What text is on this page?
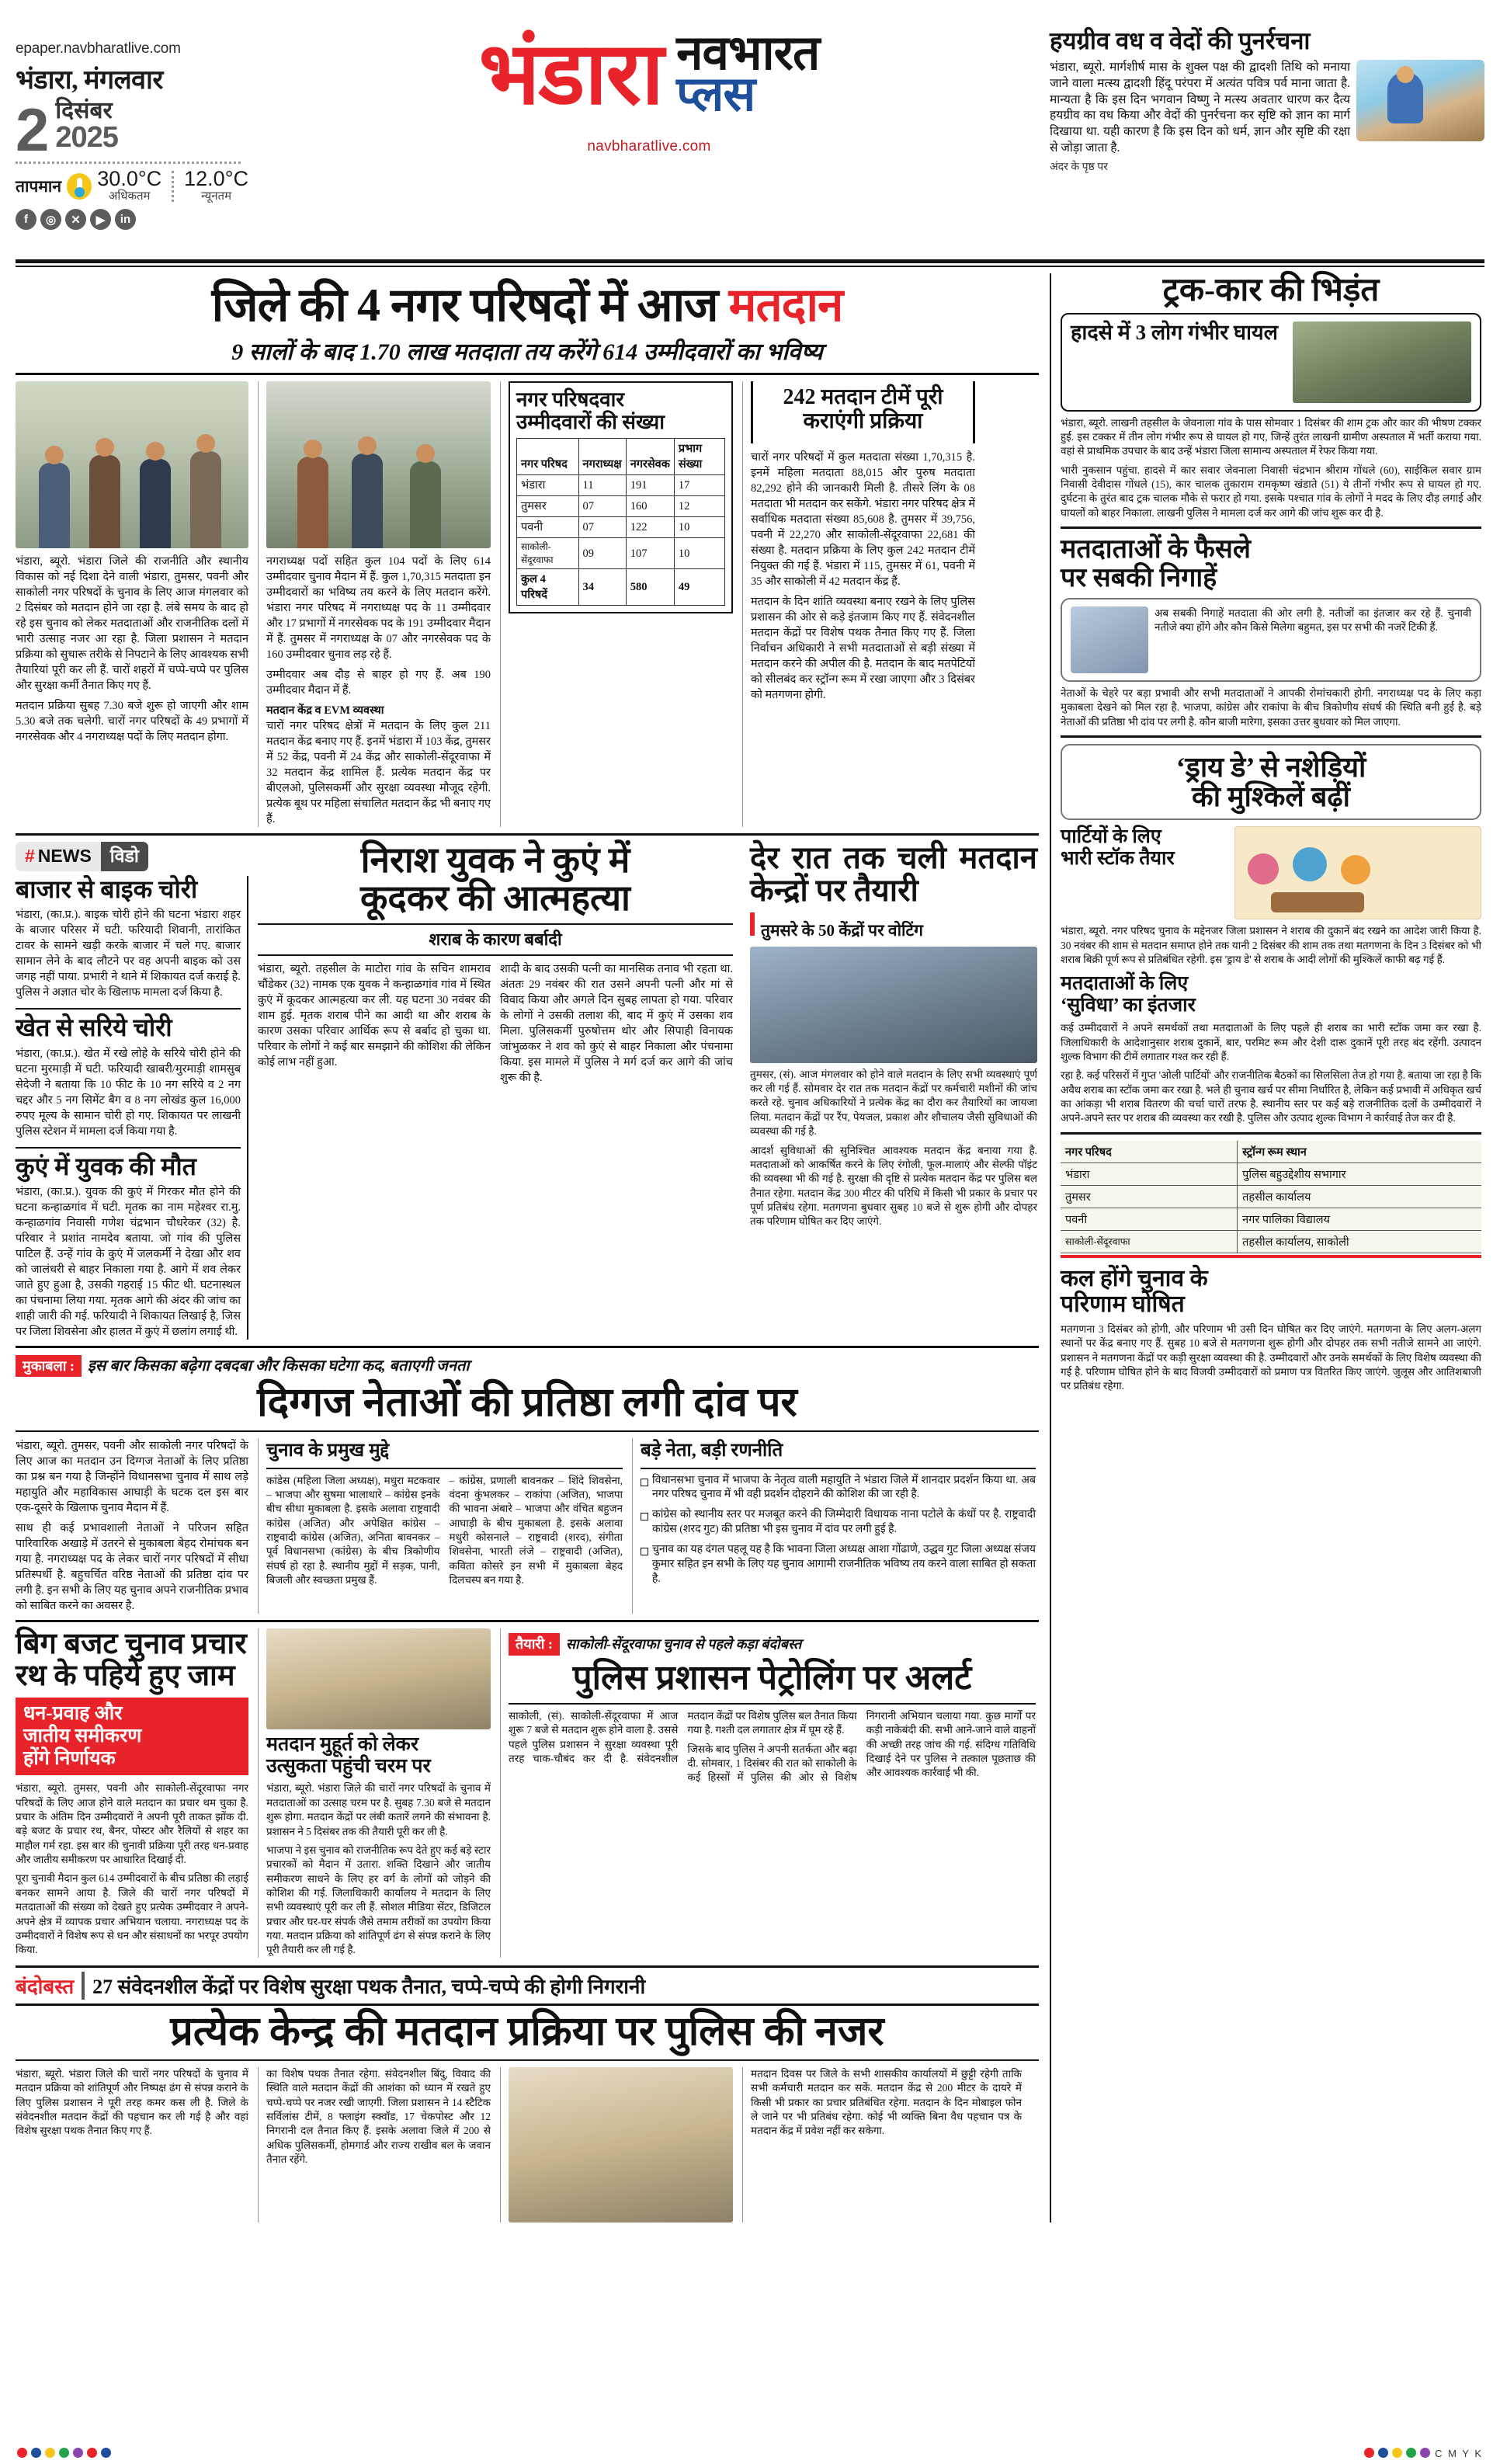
epaper.navbharatlive.com
भंडारा, मंगलवार
2 दिसंबर
2025
तापमान 30.0°C
अधिकतम
12.0°C
न्यूनतम
f	◎	✕	▶	in
भंडारा नवभारत
प्लस
navbharatlive.com
हयग्रीव वध व वेदों की पुनर्रचना
भंडारा, ब्यूरो. मार्गशीर्ष मास के शुक्ल पक्ष की द्वादशी तिथि को मनाया जाने वाला मत्स्य द्वादशी हिंदू परंपरा में अत्यंत पवित्र पर्व माना जाता है. मान्यता है कि इस दिन भगवान विष्णु ने मत्स्य अवतार धारण कर दैत्य हयग्रीव का वध किया और वेदों की पुनर्रचना कर सृष्टि को ज्ञान का मार्ग दिखाया था. यही कारण है कि इस दिन को धर्म, ज्ञान और सृष्टि की रक्षा से जोड़ा जाता है.
अंदर के पृष्ठ पर
जिले की 4 नगर परिषदों में आज मतदान
9 सालों के बाद 1.70 लाख मतदाता तय करेंगे 614 उम्मीदवारों का भविष्य
भंडारा, ब्यूरो. भंडारा जिले की राजनीति और स्थानीय विकास को नई दिशा देने वाली भंडारा, तुमसर, पवनी और साकोली नगर परिषदों के चुनाव के लिए आज मंगलवार को 2 दिसंबर को मतदान होने जा रहा है. लंबे समय के बाद हो रहे इस चुनाव को लेकर मतदाताओं और राजनीतिक दलों में भारी उत्साह नजर आ रहा है. जिला प्रशासन ने मतदान प्रक्रिया को सुचारू तरीके से निपटाने के लिए आवश्यक सभी तैयारियां पूरी कर ली हैं. चारों शहरों में चप्पे-चप्पे पर पुलिस और सुरक्षा कर्मी तैनात किए गए हैं.
मतदान प्रक्रिया सुबह 7.30 बजे शुरू हो जाएगी और शाम 5.30 बजे तक चलेगी. चारों नगर परिषदों के 49 प्रभागों में नगरसेवक और 4 नगराध्यक्ष पदों के लिए मतदान होगा.
नगराध्यक्ष पदों सहित कुल 104 पदों के लिए 614 उम्मीदवार चुनाव मैदान में हैं. कुल 1,70,315 मतदाता इन उम्मीदवारों का भविष्य तय करने के लिए मतदान करेंगे. भंडारा नगर परिषद में नगराध्यक्ष पद के 11 उम्मीदवार और 17 प्रभागों में नगरसेवक पद के 191 उम्मीदवार मैदान में हैं. तुमसर में नगराध्यक्ष के 07 और नगरसेवक पद के 160 उम्मीदवार चुनाव लड़ रहे हैं.
उम्मीदवार अब दौड़ से बाहर हो गए हैं. अब 190 उम्मीदवार मैदान में हैं.
मतदान केंद्र व EVM व्यवस्था
चारों नगर परिषद क्षेत्रों में मतदान के लिए कुल 211 मतदान केंद्र बनाए गए हैं. इनमें भंडारा में 103 केंद्र, तुमसर में 52 केंद्र, पवनी में 24 केंद्र और साकोली-सेंदूरवाफा में 32 मतदान केंद्र शामिल हैं. प्रत्येक मतदान केंद्र पर बीएलओ, पुलिसकर्मी और सुरक्षा व्यवस्था मौजूद रहेगी. प्रत्येक बूथ पर महिला संचालित मतदान केंद्र भी बनाए गए हैं.
नगर परिषदवार
उम्मीदवारों की संख्या
नगर परिषद	नगराध्यक्ष	नगरसेवक	प्रभाग संख्या
भंडारा	11	191	17
तुमसर	07	160	12
पवनी	07	122	10
साकोली-सेंदूरवाफा	09	107	10
कुल 4 परिषदें	34	580	49
242 मतदान टीमें पूरी कराएंगी प्रक्रिया
चारों नगर परिषदों में कुल मतदाता संख्या 1,70,315 है. इनमें महिला मतदाता 88,015 और पुरुष मतदाता 82,292 होने की जानकारी मिली है. तीसरे लिंग के 08 मतदाता भी मतदान कर सकेंगे. भंडारा नगर परिषद क्षेत्र में सर्वाधिक मतदाता संख्या 85,608 है. तुमसर में 39,756, पवनी में 22,270 और साकोली-सेंदूरवाफा 22,681 की संख्या है. मतदान प्रक्रिया के लिए कुल 242 मतदान टीमें नियुक्त की गई हैं. भंडारा में 115, तुमसर में 61, पवनी में 35 और साकोली में 42 मतदान केंद्र हैं.
मतदान के दिन शांति व्यवस्था बनाए रखने के लिए पुलिस प्रशासन की ओर से कड़े इंतजाम किए गए हैं. संवेदनशील मतदान केंद्रों पर विशेष पथक तैनात किए गए हैं. जिला निर्वाचन अधिकारी ने सभी मतदाताओं से बड़ी संख्या में मतदान करने की अपील की है. मतदान के बाद मतपेटियों को सीलबंद कर स्ट्रॉन्ग रूम में रखा जाएगा और 3 दिसंबर को मतगणना होगी.
# NEWS	विडो
बाजार से बाइक चोरी
भंडारा, (का.प्र.). बाइक चोरी होने की घटना भंडारा शहर के बाजार परिसर में घटी. फरियादी शिवानी, तारांकित टावर के सामने खड़ी करके बाजार में चले गए. बाजार सामान लेने के बाद लौटने पर वह अपनी बाइक को उस जगह नहीं पाया. प्रभारी ने थाने में शिकायत दर्ज कराई है. पुलिस ने अज्ञात चोर के खिलाफ मामला दर्ज किया है.
खेत से सरिये चोरी
भंडारा, (का.प्र.). खेत में रखे लोहे के सरिये चोरी होने की घटना मुरमाड़ी में घटी. फरियादी खाबरी/मुरमाड़ी शामसुब सेदेजी ने बताया कि 10 फीट के 10 नग सरिये व 2 नग चद्दर और 5 नग सिमेंट बैग व 8 नग लोखंड कुल 16,000 रुपए मूल्य के सामान चोरी हो गए. शिकायत पर लाखनी पुलिस स्टेशन में मामला दर्ज किया गया है.
कुएं में युवक की मौत
भंडारा, (का.प्र.). युवक की कुएं में गिरकर मौत होने की घटना कन्हाळगांव में घटी. मृतक का नाम महेश्वर रा.मु. कन्हाळगांव निवासी गणेश चंद्रभान चौधरेकर (32) है. परिवार ने प्रशांत नामदेव बताया. जो गांव की पुलिस पाटिल हैं. उन्हें गांव के कुएं में जलकर्मी ने देखा और शव को जालंधरी से बाहर निकाला गया है. आगे में शव लेकर जाते हुए हुआ है, उसकी गहराई 15 फीट थी. घटनास्थल का पंचनामा लिया गया. मृतक आगे की अंदर की जांच का शाही जारी की गई. फरियादी ने शिकायत लिखाई है, जिस पर जिला शिवसेना और हालत में कुएं में छलांग लगाई थी.
निराश युवक ने कुएं में
कूदकर की आत्महत्या
शराब के कारण बर्बादी
भंडारा, ब्यूरो. तहसील के माटोरा गांव के सचिन शामराव चौंडेकर (32) नामक एक युवक ने कन्हाळगांव गांव में स्थित कुएं में कूदकर आत्महत्या कर ली. यह घटना 30 नवंबर की शाम हुई. मृतक शराब पीने का आदी था और शराब के कारण उसका परिवार आर्थिक रूप से बर्बाद हो चुका था. परिवार के लोगों ने कई बार समझाने की कोशिश की लेकिन कोई लाभ नहीं हुआ.
शादी के बाद उसकी पत्नी का मानसिक तनाव भी रहता था. अंततः 29 नवंबर की रात उसने अपनी पत्नी और मां से विवाद किया और अगले दिन सुबह लापता हो गया. परिवार के लोगों ने उसकी तलाश की, बाद में कुएं में उसका शव मिला. पुलिसकर्मी पुरुषोत्तम थोर और सिपाही विनायक जांभुळकर ने शव को कुएं से बाहर निकाला और पंचनामा किया. इस मामले में पुलिस ने मर्ग दर्ज कर आगे की जांच शुरू की है.
देर रात तक चली मतदान केन्द्रों पर तैयारी
तुमसरे के 50 केंद्रों पर वोटिंग
तुमसर, (सं). आज मंगलवार को होने वाले मतदान के लिए सभी व्यवस्थाएं पूर्ण कर ली गई हैं. सोमवार देर रात तक मतदान केंद्रों पर कर्मचारी मशीनों की जांच करते रहे. चुनाव अधिकारियों ने प्रत्येक केंद्र का दौरा कर तैयारियों का जायजा लिया. मतदान केंद्रों पर रैंप, पेयजल, प्रकाश और शौचालय जैसी सुविधाओं की व्यवस्था की गई है.
आदर्श सुविधाओं की सुनिश्चित आवश्यक मतदान केंद्र बनाया गया है. मतदाताओं को आकर्षित करने के लिए रंगोली, फूल-मालाएं और सेल्फी पॉइंट की व्यवस्था भी की गई है. सुरक्षा की दृष्टि से प्रत्येक मतदान केंद्र पर पुलिस बल तैनात रहेगा. मतदान केंद्र 300 मीटर की परिधि में किसी भी प्रकार के प्रचार पर पूर्ण प्रतिबंध रहेगा. मतगणना बुधवार सुबह 10 बजे से शुरू होगी और दोपहर तक परिणाम घोषित कर दिए जाएंगे.
मुकाबला : इस बार किसका बढ़ेगा दबदबा और किसका घटेगा कद, बताएगी जनता
दिग्गज नेताओं की प्रतिष्ठा लगी दांव पर
भंडारा, ब्यूरो. तुमसर, पवनी और साकोली नगर परिषदों के लिए आज का मतदान उन दिग्गज नेताओं के लिए प्रतिष्ठा का प्रश्न बन गया है जिन्होंने विधानसभा चुनाव में साथ लड़े महायुति और महाविकास आघाड़ी के घटक दल इस बार एक-दूसरे के खिलाफ चुनाव मैदान में हैं.
साथ ही कई प्रभावशाली नेताओं ने परिजन सहित पारिवारिक अखाड़े में उतरने से मुकाबला बेहद रोमांचक बन गया है. नगराध्यक्ष पद के लेकर चारों नगर परिषदों में सीधा प्रतिस्पर्धी है. बहुचर्चित वरिष्ठ नेताओं की प्रतिष्ठा दांव पर लगी है. इन सभी के लिए यह चुनाव अपने राजनीतिक प्रभाव को साबित करने का अवसर है.
चुनाव के प्रमुख मुद्दे
कांडेस (महिला जिला अध्यक्ष), मधुरा मटकवार – भाजपा और सुषमा भालाधारे – कांग्रेस इनके बीच सीधा मुकाबला है. इसके अलावा राष्ट्रवादी कांग्रेस (अजित) और अपेक्षित कांग्रेस – राष्ट्रवादी कांग्रेस (अजित), अनिता बावनकर – पूर्व विधानसभा (कांग्रेस) के बीच त्रिकोणीय संघर्ष हो रहा है. स्थानीय मुद्दों में सड़क, पानी, बिजली और स्वच्छता प्रमुख हैं.
– कांग्रेस, प्रणाली बावनकर – शिंदे शिवसेना, वंदना कुंभलकर – राकांपा (अजित), भाजपा की भावना अंबारे – भाजपा और वंचित बहुजन आघाड़ी के बीच मुकाबला है. इसके अलावा मधुरी कोसनाले – राष्ट्रवादी (शरद), संगीता शिवसेना, भारती लंजे – राष्ट्रवादी (अजित), कविता कोसरे इन सभी में मुकाबला बेहद दिलचस्प बन गया है.
बड़े नेता, बड़ी रणनीति
विधानसभा चुनाव में भाजपा के नेतृत्व वाली महायुति ने भंडारा जिले में शानदार प्रदर्शन किया था. अब नगर परिषद चुनाव में भी वही प्रदर्शन दोहराने की कोशिश की जा रही है.
कांग्रेस को स्थानीय स्तर पर मजबूत करने की जिम्मेदारी विधायक नाना पटोले के कंधों पर है. राष्ट्रवादी कांग्रेस (शरद गुट) की प्रतिष्ठा भी इस चुनाव में दांव पर लगी हुई है.
चुनाव का यह दंगल पहलू यह है कि भावना जिला अध्यक्ष आशा गोंढाणे, उद्धव गुट जिला अध्यक्ष संजय कुमार सहित इन सभी के लिए यह चुनाव आगामी राजनीतिक भविष्य तय करने वाला साबित हो सकता है.
बिग बजट चुनाव प्रचार
रथ के पहिये हुए जाम
धन-प्रवाह और
जातीय समीकरण
होंगे निर्णायक
भंडारा, ब्यूरो. तुमसर, पवनी और साकोली-सेंदूरवाफा नगर परिषदों के लिए आज होने वाले मतदान का प्रचार थम चुका है. प्रचार के अंतिम दिन उम्मीदवारों ने अपनी पूरी ताकत झोंक दी. बड़े बजट के प्रचार रथ, बैनर, पोस्टर और रैलियों से शहर का माहौल गर्म रहा. इस बार की चुनावी प्रक्रिया पूरी तरह धन-प्रवाह और जातीय समीकरण पर आधारित दिखाई दी.
पूरा चुनावी मैदान कुल 614 उम्मीदवारों के बीच प्रतिष्ठा की लड़ाई बनकर सामने आया है. जिले की चारों नगर परिषदों में मतदाताओं की संख्या को देखते हुए प्रत्येक उम्मीदवार ने अपने-अपने क्षेत्र में व्यापक प्रचार अभियान चलाया. नगराध्यक्ष पद के उम्मीदवारों ने विशेष रूप से धन और संसाधनों का भरपूर उपयोग किया.
मतदान मुहूर्त को लेकर
उत्सुकता पहुंची चरम पर
भंडारा, ब्यूरो. भंडारा जिले की चारों नगर परिषदों के चुनाव में मतदाताओं का उत्साह चरम पर है. सुबह 7.30 बजे से मतदान शुरू होगा. मतदान केंद्रों पर लंबी कतारें लगने की संभावना है. प्रशासन ने 5 दिसंबर तक की तैयारी पूरी कर ली है.
भाजपा ने इस चुनाव को राजनीतिक रूप देते हुए कई बड़े स्टार प्रचारकों को मैदान में उतारा. शक्ति दिखाने और जातीय समीकरण साधने के लिए हर वर्ग के लोगों को जोड़ने की कोशिश की गई. जिलाधिकारी कार्यालय ने मतदान के लिए सभी व्यवस्थाएं पूरी कर ली हैं. सोशल मीडिया सेंटर, डिजिटल प्रचार और घर-घर संपर्क जैसे तमाम तरीकों का उपयोग किया गया. मतदान प्रक्रिया को शांतिपूर्ण ढंग से संपन्न कराने के लिए पूरी तैयारी कर ली गई है.
तैयारी : साकोली-सेंदूरवाफा चुनाव से पहले कड़ा बंदोबस्त
पुलिस प्रशासन पेट्रोलिंग पर अलर्ट
साकोली, (सं). साकोली-सेंदूरवाफा में आज शुरू 7 बजे से मतदान शुरू होने वाला है. उससे पहले पुलिस प्रशासन ने सुरक्षा व्यवस्था पूरी तरह चाक-चौबंद कर दी है. संवेदनशील मतदान केंद्रों पर विशेष पुलिस बल तैनात किया गया है. गश्ती दल लगातार क्षेत्र में घूम रहे हैं.
जिसके बाद पुलिस ने अपनी सतर्कता और बढ़ा दी. सोमवार, 1 दिसंबर की रात को साकोली के कई हिस्सों में पुलिस की ओर से विशेष निगरानी अभियान चलाया गया. कुछ मार्गों पर कड़ी नाकेबंदी की. सभी आने-जाने वाले वाहनों की अच्छी तरह जांच की गई. संदिग्ध गतिविधि दिखाई देने पर पुलिस ने तत्काल पूछताछ की और आवश्यक कार्रवाई भी की.
बंदोबस्त 27 संवेदनशील केंद्रों पर विशेष सुरक्षा पथक तैनात, चप्पे-चप्पे की होगी निगरानी
प्रत्येक केन्द्र की मतदान प्रक्रिया पर पुलिस की नजर
भंडारा, ब्यूरो. भंडारा जिले की चारों नगर परिषदों के चुनाव में मतदान प्रक्रिया को शांतिपूर्ण और निष्पक्ष ढंग से संपन्न कराने के लिए पुलिस प्रशासन ने पूरी तरह कमर कस ली है. जिले के संवेदनशील मतदान केंद्रों की पहचान कर ली गई है और वहां विशेष सुरक्षा पथक तैनात किए गए हैं.
का विशेष पथक तैनात रहेगा. संवेदनशील बिंदु, विवाद की स्थिति वाले मतदान केंद्रों की आशंका को ध्यान में रखते हुए चप्पे-चप्पे पर नजर रखी जाएगी. जिला प्रशासन ने 14 स्टैटिक सर्विलांस टीमें, 8 फ्लाइंग स्क्वॉड, 17 चेकपोस्ट और 12 निगरानी दल तैनात किए हैं. इसके अलावा जिले में 200 से अधिक पुलिसकर्मी, होमगार्ड और राज्य राखीव बल के जवान तैनात रहेंगे.
मतदान दिवस पर जिले के सभी शासकीय कार्यालयों में छुट्टी रहेगी ताकि सभी कर्मचारी मतदान कर सकें. मतदान केंद्र से 200 मीटर के दायरे में किसी भी प्रकार का प्रचार प्रतिबंधित रहेगा. मतदान के दिन मोबाइल फोन ले जाने पर भी प्रतिबंध रहेगा. कोई भी व्यक्ति बिना वैध पहचान पत्र के मतदान केंद्र में प्रवेश नहीं कर सकेगा.
ट्रक-कार की भिड़ंत
हादसे में 3 लोग गंभीर घायल
भंडारा, ब्यूरो. लाखनी तहसील के जेवनाला गांव के पास सोमवार 1 दिसंबर की शाम ट्रक और कार की भीषण टक्कर हुई. इस टक्कर में तीन लोग गंभीर रूप से घायल हो गए, जिन्हें तुरंत लाखनी ग्रामीण अस्पताल में भर्ती कराया गया. वहां से प्राथमिक उपचार के बाद उन्हें भंडारा जिला सामान्य अस्पताल में रेफर किया गया.
भारी नुकसान पहुंचा. हादसे में कार सवार जेवनाला निवासी चंद्रभान श्रीराम गोंधले (60), साईकिल सवार ग्राम निवासी देवीदास गोंधले (15), कार चालक तुकाराम रामकृष्ण खंडाते (51) ये तीनों गंभीर रूप से घायल हो गए. दुर्घटना के तुरंत बाद ट्रक चालक मौके से फरार हो गया. इसके पश्चात गांव के लोगों ने मदद के लिए दौड़ लगाई और घायलों को बाहर निकाला. लाखनी पुलिस ने मामला दर्ज कर आगे की जांच शुरू कर दी है.
मतदाताओं के फैसले
पर सबकी निगाहें
अब सबकी निगाहें मतदाता की ओर लगी है. नतीजों का इंतजार कर रहे हैं. चुनावी नतीजे क्या होंगे और कौन किसे मिलेगा बहुमत, इस पर सभी की नजरें टिकी हैं.
नेताओं के चेहरे पर बड़ा प्रभावी और सभी मतदाताओं ने आपकी रोमांचकारी होगी. नगराध्यक्ष पद के लिए कड़ा मुकाबला देखने को मिल रहा है. भाजपा, कांग्रेस और राकांपा के बीच त्रिकोणीय संघर्ष की स्थिति बनी हुई है. बड़े नेताओं की प्रतिष्ठा भी दांव पर लगी है. कौन बाजी मारेगा, इसका उत्तर बुधवार को मिल जाएगा.
‘ड्राय डे’ से नशेड़ियों
की मुश्किलें बढ़ीं
पार्टियों के लिए
भारी स्टॉक तैयार
भंडारा, ब्यूरो. नगर परिषद चुनाव के मद्देनजर जिला प्रशासन ने शराब की दुकानें बंद रखने का आदेश जारी किया है. 30 नवंबर की शाम से मतदान समाप्त होने तक यानी 2 दिसंबर की शाम तक तथा मतगणना के दिन 3 दिसंबर को भी शराब बिक्री पूर्ण रूप से प्रतिबंधित रहेगी. इस 'ड्राय डे' से शराब के आदी लोगों की मुश्किलें काफी बढ़ गई हैं.
मतदाताओं के लिए
‘सुविधा’ का इंतजार
कई उम्मीदवारों ने अपने समर्थकों तथा मतदाताओं के लिए पहले ही शराब का भारी स्टॉक जमा कर रखा है. जिलाधिकारी के आदेशानुसार शराब दुकानें, बार, परमिट रूम और देशी दारू दुकानें पूरी तरह बंद रहेंगी. उत्पादन शुल्क विभाग की टीमें लगातार गश्त कर रही हैं.
रहा है. कई परिसरों में गुप्त 'ओली पार्टियों' और राजनीतिक बैठकों का सिलसिला तेज हो गया है. बताया जा रहा है कि अवैध शराब का स्टॉक जमा कर रखा है. भले ही चुनाव खर्च पर सीमा निर्धारित है, लेकिन कई प्रभावी में अधिकृत खर्च का आंकड़ा भी शराब वितरण की चर्चा चारों तरफ है. स्थानीय स्तर पर कई बड़े राजनीतिक दलों के उम्मीदवारों ने अपने-अपने स्तर पर शराब की व्यवस्था कर रखी है. पुलिस और उत्पाद शुल्क विभाग ने कार्रवाई तेज कर दी है.
नगर परिषद	स्ट्रॉन्ग रूम स्थान
भंडारा	पुलिस बहुउद्देशीय सभागार
तुमसर	तहसील कार्यालय
पवनी	नगर पालिका विद्यालय
साकोली-सेंदूरवाफा	तहसील कार्यालय, साकोली
कल होंगे चुनाव के
परिणाम घोषित
मतगणना 3 दिसंबर को होगी, और परिणाम भी उसी दिन घोषित कर दिए जाएंगे. मतगणना के लिए अलग-अलग स्थानों पर केंद्र बनाए गए हैं. सुबह 10 बजे से मतगणना शुरू होगी और दोपहर तक सभी नतीजे सामने आ जाएंगे. प्रशासन ने मतगणना केंद्रों पर कड़ी सुरक्षा व्यवस्था की है. उम्मीदवारों और उनके समर्थकों के लिए विशेष व्यवस्था की गई है. परिणाम घोषित होने के बाद विजयी उम्मीदवारों को प्रमाण पत्र वितरित किए जाएंगे. जुलूस और आतिशबाजी पर प्रतिबंध रहेगा.
C M Y K
